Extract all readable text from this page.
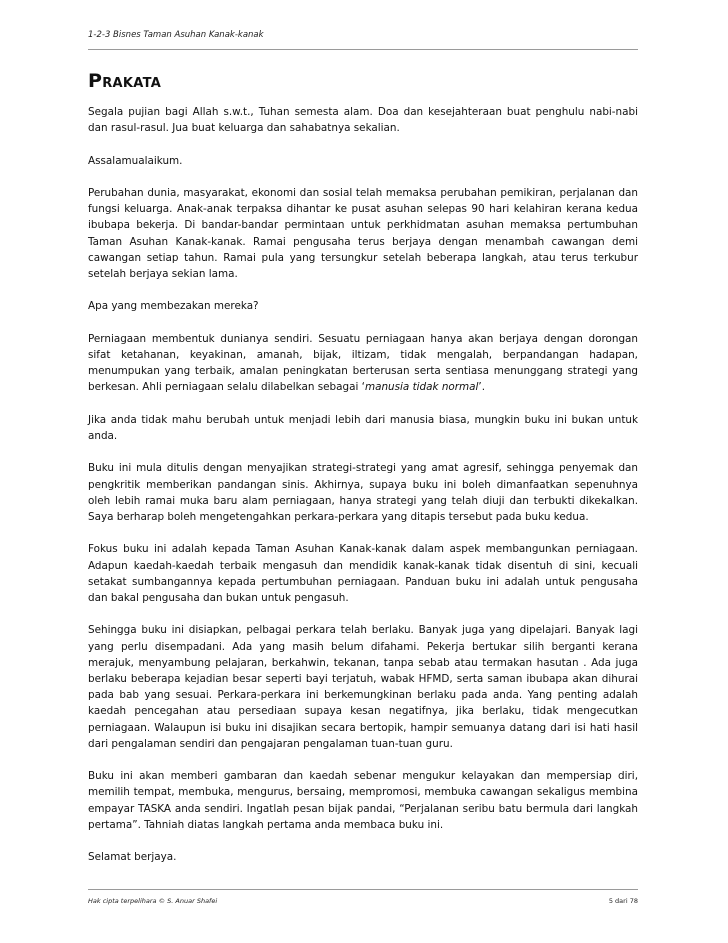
1-2-3 Bisnes Taman Asuhan Kanak-kanak
Prakata

Segala pujian bagi Allah s.w.t., Tuhan semesta alam. Doa dan kesejahteraan buat penghulu nabi-nabi dan rasul-rasul. Jua buat keluarga dan sahabatnya sekalian.

Assalamualaikum.

Perubahan dunia, masyarakat, ekonomi dan sosial telah memaksa perubahan pemikiran, perjalanan dan fungsi keluarga. Anak-anak terpaksa dihantar ke pusat asuhan selepas 90 hari kelahiran kerana kedua ibubapa bekerja. Di bandar-bandar permintaan untuk perkhidmatan asuhan memaksa pertumbuhan Taman Asuhan Kanak-kanak. Ramai pengusaha terus berjaya dengan menambah cawangan demi cawangan setiap tahun. Ramai pula yang tersungkur setelah beberapa langkah, atau terus terkubur setelah berjaya sekian lama.

Apa yang membezakan mereka?

Perniagaan membentuk dunianya sendiri. Sesuatu perniagaan hanya akan berjaya dengan dorongan sifat ketahanan, keyakinan, amanah, bijak, iltizam, tidak mengalah, berpandangan hadapan, menumpukan yang terbaik, amalan peningkatan berterusan serta sentiasa menunggang strategi yang berkesan. Ahli perniagaan selalu dilabelkan sebagai ‘manusia tidak normal’.

Jika anda tidak mahu berubah untuk menjadi lebih dari manusia biasa, mungkin buku ini bukan untuk anda.

Buku ini mula ditulis dengan menyajikan strategi-strategi yang amat agresif, sehingga penyemak dan pengkritik memberikan pandangan sinis. Akhirnya, supaya buku ini boleh dimanfaatkan sepenuhnya oleh lebih ramai muka baru alam perniagaan, hanya strategi yang telah diuji dan terbukti dikekalkan. Saya berharap boleh mengetengahkan perkara-perkara yang ditapis tersebut pada buku kedua.

Fokus buku ini adalah kepada Taman Asuhan Kanak-kanak dalam aspek membangunkan perniagaan. Adapun kaedah-kaedah terbaik mengasuh dan mendidik kanak-kanak tidak disentuh di sini, kecuali setakat sumbangannya kepada pertumbuhan perniagaan. Panduan buku ini adalah untuk pengusaha dan bakal pengusaha dan bukan untuk pengasuh.

Sehingga buku ini disiapkan, pelbagai perkara telah berlaku. Banyak juga yang dipelajari. Banyak lagi yang perlu disempadani. Ada yang masih belum difahami. Pekerja bertukar silih berganti kerana merajuk, menyambung pelajaran, berkahwin, tekanan, tanpa sebab atau termakan hasutan . Ada juga berlaku beberapa kejadian besar seperti bayi terjatuh, wabak HFMD, serta saman ibubapa akan dihurai pada bab yang sesuai. Perkara-perkara ini berkemungkinan berlaku pada anda. Yang penting adalah kaedah pencegahan atau persediaan supaya kesan negatifnya, jika berlaku, tidak mengecutkan perniagaan. Walaupun isi buku ini disajikan secara bertopik, hampir semuanya datang dari isi hati hasil dari pengalaman sendiri dan pengajaran pengalaman tuan-tuan guru.

Buku ini akan memberi gambaran dan kaedah sebenar mengukur kelayakan dan mempersiap diri, memilih tempat, membuka, mengurus, bersaing, mempromosi, membuka cawangan sekaligus membina empayar TASKA anda sendiri. Ingatlah pesan bijak pandai, “Perjalanan seribu batu bermula dari langkah pertama”. Tahniah diatas langkah pertama anda membaca buku ini.

Selamat berjaya.

Hak cipta terpelihara © S. Anuar Shafei	5 dari 78
